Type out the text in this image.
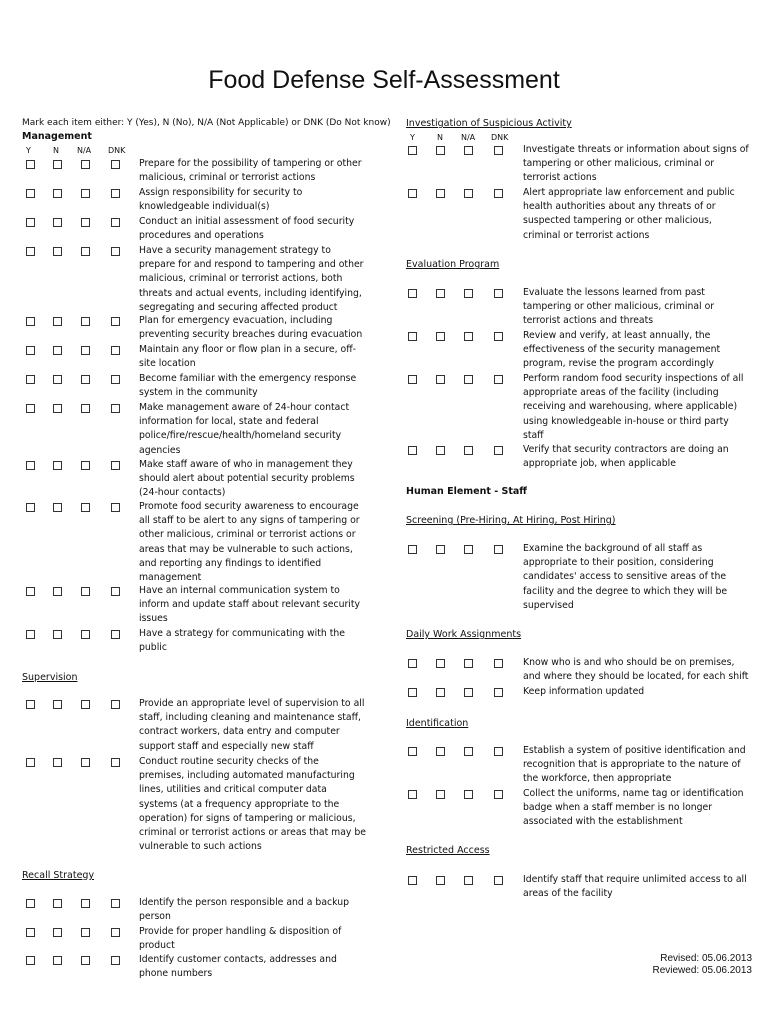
Food Defense Self-Assessment
Mark each item either: Y (Yes), N (No), N/A (Not Applicable) or DNK (Do Not know)
Y	N N/A DNK
Y	N N/A DNK
Management
Prepare for the possibility of tampering or other
malicious, criminal or terrorist actions
Assign responsibility for security to
knowledgeable individual(s)
Conduct an initial assessment of food security
procedures and operations
Have a security management strategy to
prepare for and respond to tampering and other
malicious, criminal or terrorist actions, both
threats and actual events, including identifying,
segregating and securing affected product
Plan for emergency evacuation, including
preventing security breaches during evacuation
Maintain any floor or flow plan in a secure, off-
site location
Become familiar with the emergency response
system in the community
Make management aware of 24-hour contact
information for local, state and federal
police/fire/rescue/health/homeland security
agencies
Make staff aware of who in management they
should alert about potential security problems
(24-hour contacts)
Promote food security awareness to encourage
all staff to be alert to any signs of tampering or
other malicious, criminal or terrorist actions or
areas that may be vulnerable to such actions,
and reporting any findings to identified
management
Have an internal communication system to
inform and update staff about relevant security
issues
Have a strategy for communicating with the
public
Supervision
Provide an appropriate level of supervision to all
staff, including cleaning and maintenance staff,
contract workers, data entry and computer
support staff and especially new staff
Conduct routine security checks of the
premises, including automated manufacturing
lines, utilities and critical computer data
systems (at a frequency appropriate to the
operation) for signs of tampering or malicious,
criminal or terrorist actions or areas that may be
vulnerable to such actions
Recall Strategy
Identify the person responsible and a backup
person
Provide for proper handling & disposition of
product
Identify customer contacts, addresses and
phone numbers
Investigation of Suspicious Activity
Investigate threats or information about signs of
tampering or other malicious, criminal or
terrorist actions
Alert appropriate law enforcement and public
health authorities about any threats of or
suspected tampering or other malicious,
criminal or terrorist actions
Evaluation Program
Evaluate the lessons learned from past
tampering or other malicious, criminal or
terrorist actions and threats
Review and verify, at least annually, the
effectiveness of the security management
program, revise the program accordingly
Perform random food security inspections of all
appropriate areas of the facility (including
receiving and warehousing, where applicable)
using knowledgeable in-house or third party
staff
Verify that security contractors are doing an
appropriate job, when applicable
Human Element - Staff
Screening (Pre-Hiring, At Hiring, Post Hiring)
Examine the background of all staff as
appropriate to their position, considering
candidates' access to sensitive areas of the
facility and the degree to which they will be
supervised
Daily Work Assignments
Know who is and who should be on premises,
and where they should be located, for each shift
Keep information updated
Identification
Establish a system of positive identification and
recognition that is appropriate to the nature of
the workforce, then appropriate
Collect the uniforms, name tag or identification
badge when a staff member is no longer
associated with the establishment
Restricted Access
Identify staff that require unlimited access to all
areas of the facility
Revised: 05.06.2013
Reviewed: 05.06.2013
